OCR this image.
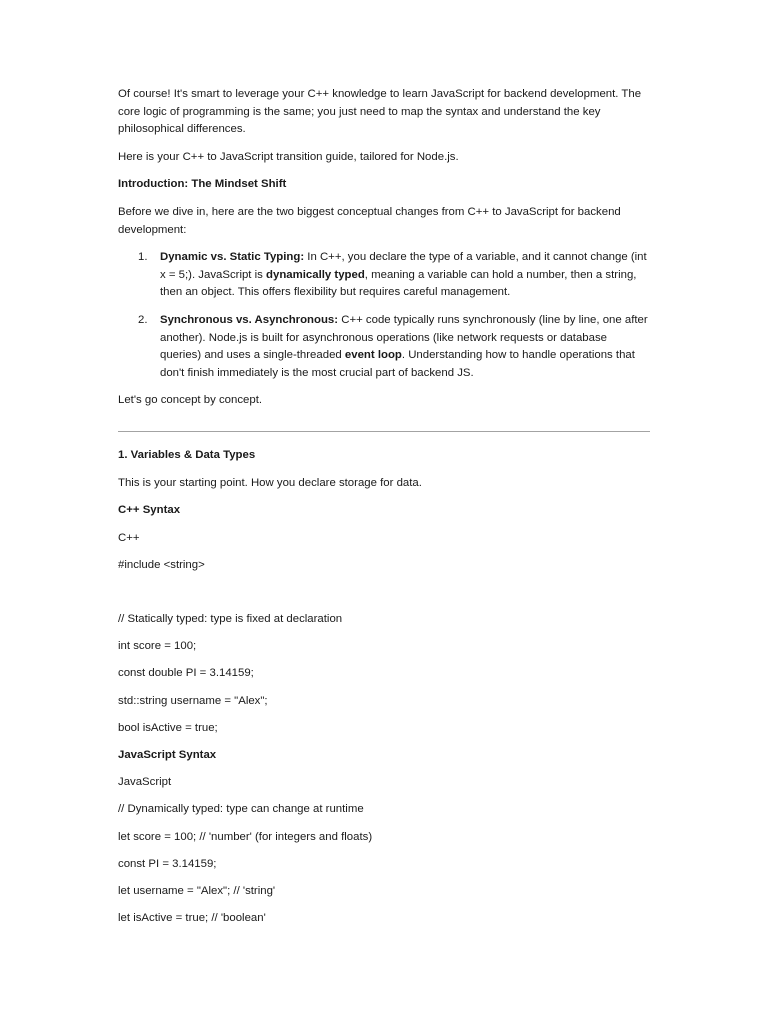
Of course! It's smart to leverage your C++ knowledge to learn JavaScript for backend development. The core logic of programming is the same; you just need to map the syntax and understand the key philosophical differences.

Here is your C++ to JavaScript transition guide, tailored for Node.js.

Introduction: The Mindset Shift

Before we dive in, here are the two biggest conceptual changes from C++ to JavaScript for backend development:

1.	Dynamic vs. Static Typing: In C++, you declare the type of a variable, and it cannot change (int x = 5;). JavaScript is dynamically typed, meaning a variable can hold a number, then a string, then an object. This offers flexibility but requires careful management.
2.	Synchronous vs. Asynchronous: C++ code typically runs synchronously (line by line, one after another). Node.js is built for asynchronous operations (like network requests or database queries) and uses a single-threaded event loop. Understanding how to handle operations that don't finish immediately is the most crucial part of backend JS.

Let's go concept by concept.

1. Variables & Data Types

This is your starting point. How you declare storage for data.

C++ Syntax

C++

#include <string>

// Statically typed: type is fixed at declaration

int score = 100;

const double PI = 3.14159;

std::string username = "Alex";

bool isActive = true;

JavaScript Syntax

JavaScript

// Dynamically typed: type can change at runtime

let score = 100; // 'number' (for integers and floats)

const PI = 3.14159;

let username = "Alex"; // 'string'

let isActive = true; // 'boolean'
